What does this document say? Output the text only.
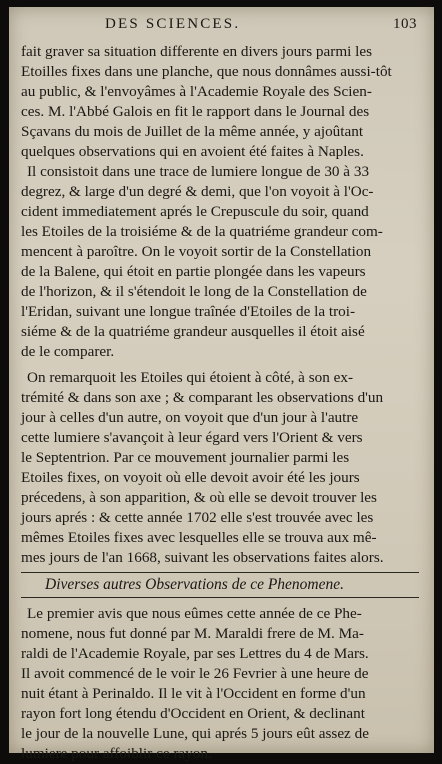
DES SCIENCES.	103
fait graver sa situation differente en divers jours parmi les
Etoilles fixes dans une planche, que nous donnâmes aussi-tôt
au public, & l'envoyâmes à l'Academie Royale des Scien-
ces. M. l'Abbé Galois en fit le rapport dans le Journal des
Sçavans du mois de Juillet de la même année, y ajoûtant
quelques observations qui en avoient été faites à Naples.
Il consistoit dans une trace de lumiere longue de 30 à 33
degrez, & large d'un degré & demi, que l'on voyoit à l'Oc-
cident immediatement aprés le Crepuscule du soir, quand
les Etoiles de la troisiéme & de la quatriéme grandeur com-
mencent à paroître. On le voyoit sortir de la Constellation
de la Balene, qui étoit en partie plongée dans les vapeurs
de l'horizon, & il s'étendoit le long de la Constellation de
l'Eridan, suivant une longue traînée d'Etoiles de la troi-
siéme & de la quatriéme grandeur ausquelles il étoit aisé
de le comparer.
On remarquoit les Etoiles qui étoient à côté, à son ex-
trémité & dans son axe ; & comparant les observations d'un
jour à celles d'un autre, on voyoit que d'un jour à l'autre
cette lumiere s'avançoit à leur égard vers l'Orient & vers
le Septentrion. Par ce mouvement journalier parmi les
Etoiles fixes, on voyoit où elle devoit avoir été les jours
précedens, à son apparition, & où elle se devoit trouver les
jours aprés : & cette année 1702 elle s'est trouvée avec les
mêmes Etoiles fixes avec lesquelles elle se trouva aux mê-
mes jours de l'an 1668, suivant les observations faites alors.
Diverses autres Observations de ce Phenomene.
Le premier avis que nous eûmes cette année de ce Phe-
nomene, nous fut donné par M. Maraldi frere de M. Ma-
raldi de l'Academie Royale, par ses Lettres du 4 de Mars.
Il avoit commencé de le voir le 26 Fevrier à une heure de
nuit étant à Perinaldo. Il le vit à l'Occident en forme d'un
rayon fort long étendu d'Occident en Orient, & declinant
le jour de la nouvelle Lune, qui aprés 5 jours eût assez de
lumiere pour affoiblir ce rayon.
